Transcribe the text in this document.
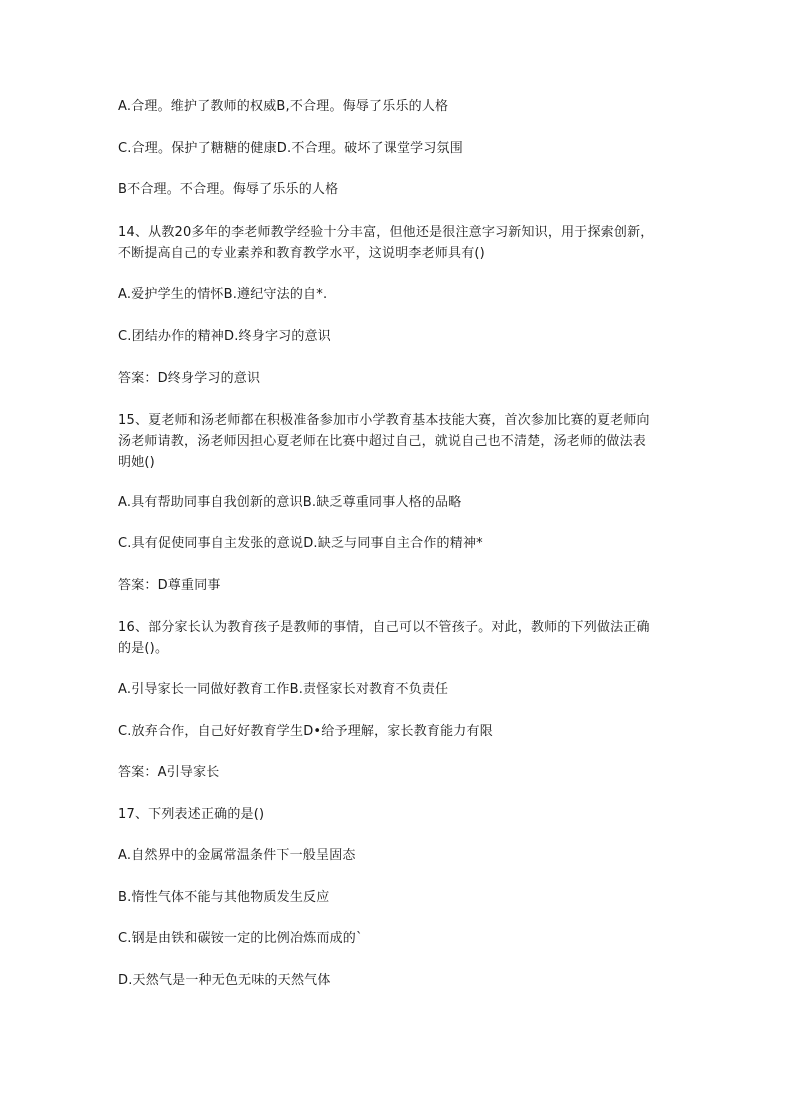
A.合理。维护了教师的权威B,不合理。侮辱了乐乐的人格
C.合理。保护了糖糖的健康D.不合理。破坏了课堂学习氛围
B不合理。不合理。侮辱了乐乐的人格
14、从教20多年的李老师教学经验十分丰富，但他还是很注意字习新知识，用于探索创新，不断提高自己的专业素养和教育教学水平，这说明李老师具有()
A.爱护学生的情怀B.遵纪守法的自*.
C.团结办作的精神D.终身字习的意识
答案：D终身学习的意识
15、夏老师和汤老师都在积极准备参加市小学教育基本技能大赛，首次参加比赛的夏老师向汤老师请教，汤老师因担心夏老师在比赛中超过自己，就说自己也不清楚，汤老师的做法表明她()
A.具有帮助同事自我创新的意识B.缺乏尊重同事人格的品略
C.具有促使同事自主发张的意说D.缺乏与同事自主合作的精神*
答案：D尊重同事
16、部分家长认为教育孩子是教师的事情，自己可以不管孩子。对此，教师的下列做法正确的是()。
A.引导家长一同做好教育工作B.责怪家长对教育不负责任
C.放弃合作，自己好好教育学生D•给予理解，家长教育能力有限
答案：A引导家长
17、下列表述正确的是()
A.自然界中的金属常温条件下一般呈固态
B.惰性气体不能与其他物质发生反应
C.钢是由铁和碳铵一定的比例冶炼而成的`
D.天然气是一种无色无味的天然气体
